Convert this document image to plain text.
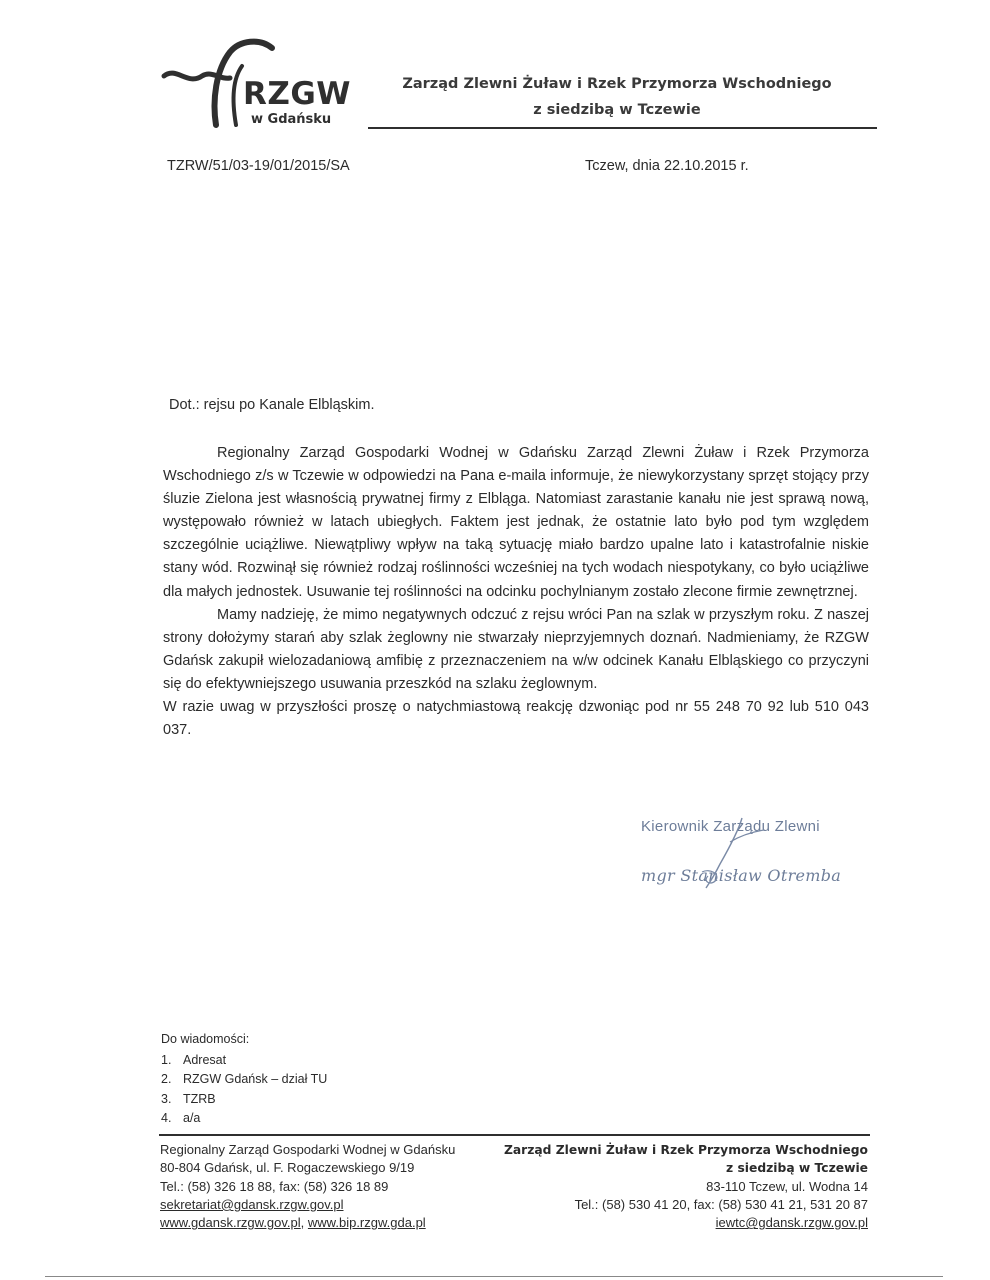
RZGW
w Gdańsku
Zarząd Zlewni Żuław i Rzek Przymorza Wschodniego
z siedzibą w Tczewie
TZRW/51/03-19/01/2015/SA	Tczew, dnia 22.10.2015 r.
Dot.: rejsu po Kanale Elbląskim.

Regionalny Zarząd Gospodarki Wodnej w Gdańsku Zarząd Zlewni Żuław i Rzek Przymorza Wschodniego z/s w Tczewie w odpowiedzi na Pana e-maila informuje, że niewykorzystany sprzęt stojący przy śluzie Zielona jest własnością prywatnej firmy z Elbląga. Natomiast zarastanie kanału nie jest sprawą nową, występowało również w latach ubiegłych. Faktem jest jednak, że ostatnie lato było pod tym względem szczególnie uciążliwe. Niewątpliwy wpływ na taką sytuację miało bardzo upalne lato i katastrofalnie niskie stany wód. Rozwinął się również rodzaj roślinności wcześniej na tych wodach niespotykany, co było uciążliwe dla małych jednostek. Usuwanie tej roślinności na odcinku pochylnianym zostało zlecone firmie zewnętrznej.

Mamy nadzieję, że mimo negatywnych odczuć z rejsu wróci Pan na szlak w przyszłym roku. Z naszej strony dołożymy starań aby szlak żeglowny nie stwarzały nieprzyjemnych doznań. Nadmieniamy, że RZGW Gdańsk zakupił wielozadaniową amfibię z przeznaczeniem na w/w odcinek Kanału Elbląskiego co przyczyni się do efektywniejszego usuwania przeszkód na szlaku żeglownym.

W razie uwag w przyszłości proszę o natychmiastową reakcję dzwoniąc pod nr 55 248 70 92 lub 510 043 037.

Kierownik Zarządu Zlewni
mgr Stanisław Otremba
Do wiadomości:
1. Adresat
2. RZGW Gdańsk – dział TU
3. TZRB
4. a/a
Regionalny Zarząd Gospodarki Wodnej w Gdańsku
80-804 Gdańsk, ul. F. Rogaczewskiego 9/19
Tel.: (58) 326 18 88, fax: (58) 326 18 89
sekretariat@gdansk.rzgw.gov.pl
www.gdansk.rzgw.gov.pl, www.bip.rzgw.gda.pl
Zarząd Zlewni Żuław i Rzek Przymorza Wschodniego
z siedzibą w Tczewie
83-110 Tczew, ul. Wodna 14
Tel.: (58) 530 41 20, fax: (58) 530 41 21, 531 20 87
iewtc@gdansk.rzgw.gov.pl
